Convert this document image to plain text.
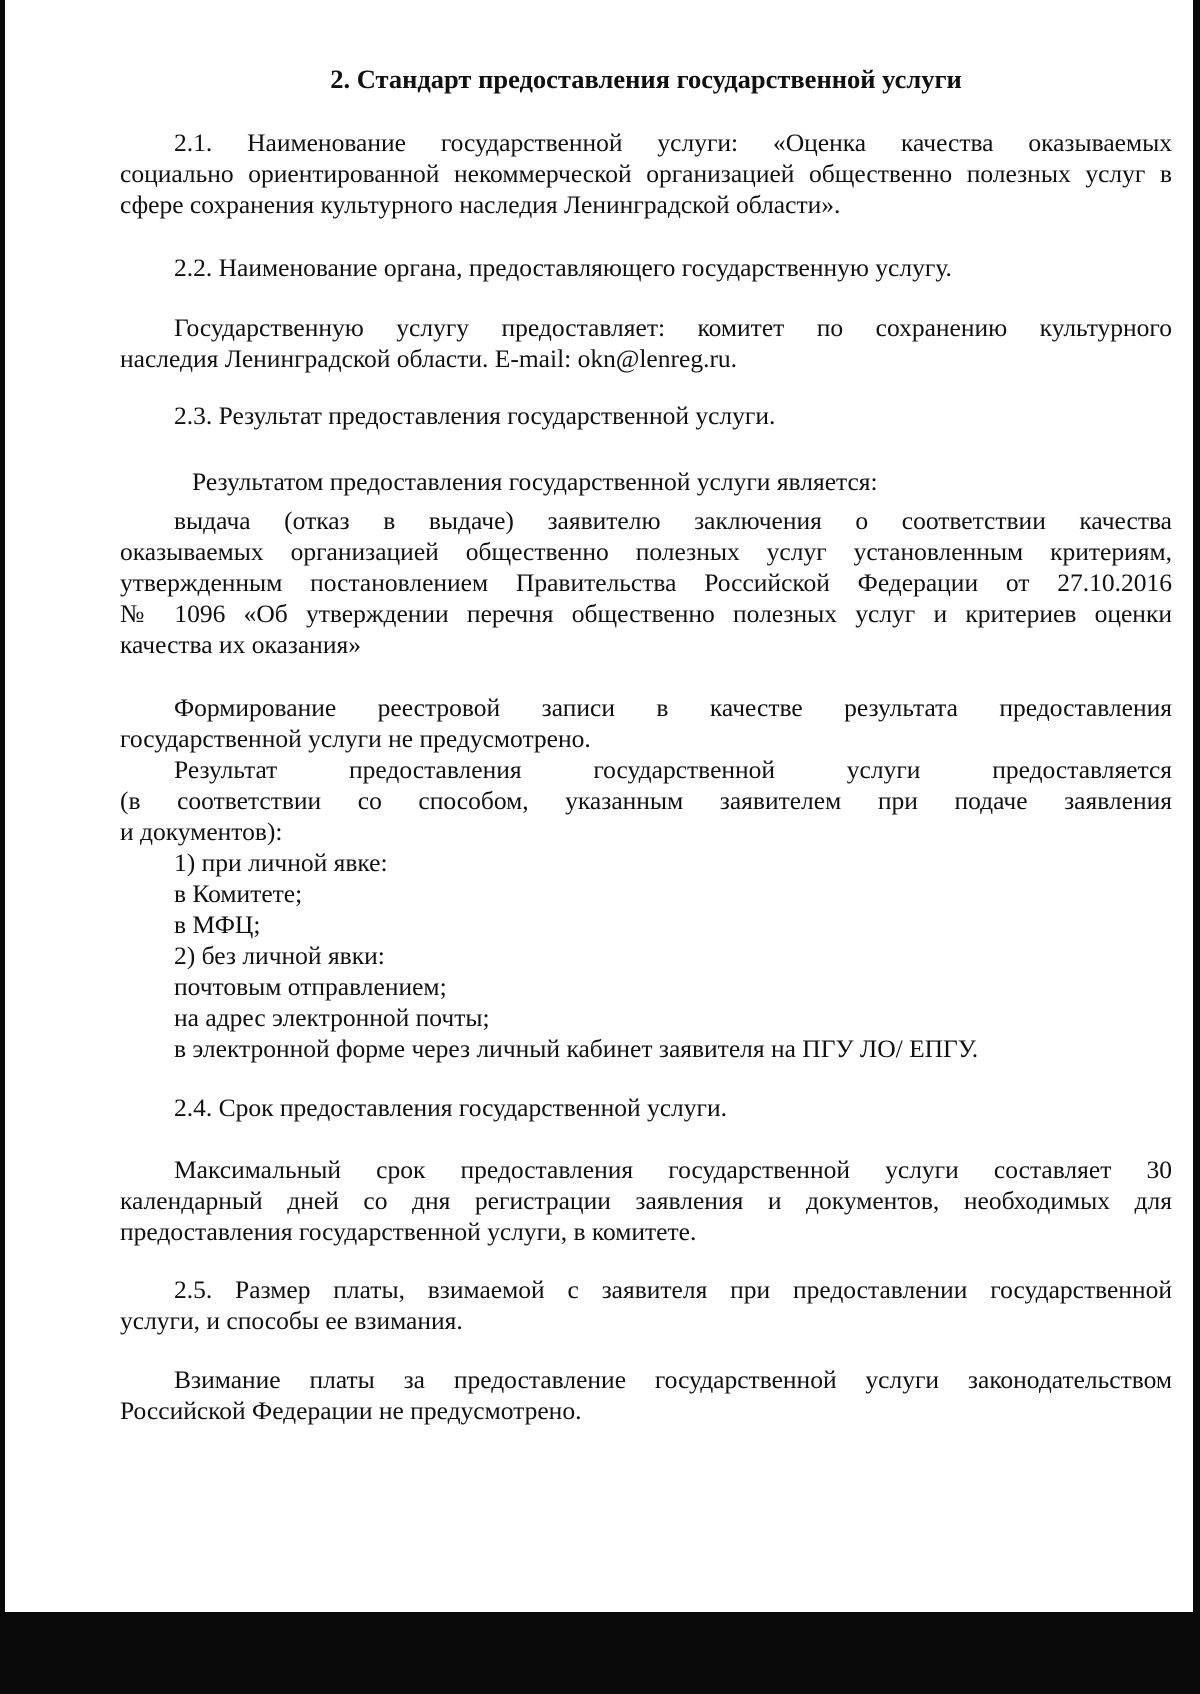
2. Стандарт предоставления государственной услуги
2.1. Наименование государственной услуги: «Оценка качества оказываемых
социально ориентированной некоммерческой организацией общественно полезных услуг в
сфере сохранения культурного наследия Ленинградской области».
2.2. Наименование органа, предоставляющего государственную услугу.
Государственную услугу предоставляет: комитет по сохранению культурного
наследия Ленинградской области. E-mail: okn@lenreg.ru.
2.3. Результат предоставления государственной услуги.
Результатом предоставления государственной услуги является:
выдача (отказ в выдаче) заявителю заключения о соответствии качества
оказываемых организацией общественно полезных услуг установленным критериям,
утвержденным постановлением Правительства Российской Федерации от 27.10.2016
№ 1096 «Об утверждении перечня общественно полезных услуг и критериев оценки
качества их оказания»
Формирование реестровой записи в качестве результата предоставления
государственной услуги не предусмотрено.
Результат предоставления государственной услуги предоставляется
(в соответствии со способом, указанным заявителем при подаче заявления
и документов):
1) при личной явке:
в Комитете;
в МФЦ;
2) без личной явки:
почтовым отправлением;
на адрес электронной почты;
в электронной форме через личный кабинет заявителя на ПГУ ЛО/ ЕПГУ.
2.4. Срок предоставления государственной услуги.
Максимальный срок предоставления государственной услуги составляет 30
календарный дней со дня регистрации заявления и документов, необходимых для
предоставления государственной услуги, в комитете.
2.5. Размер платы, взимаемой с заявителя при предоставлении государственной
услуги, и способы ее взимания.
Взимание платы за предоставление государственной услуги законодательством
Российской Федерации не предусмотрено.
